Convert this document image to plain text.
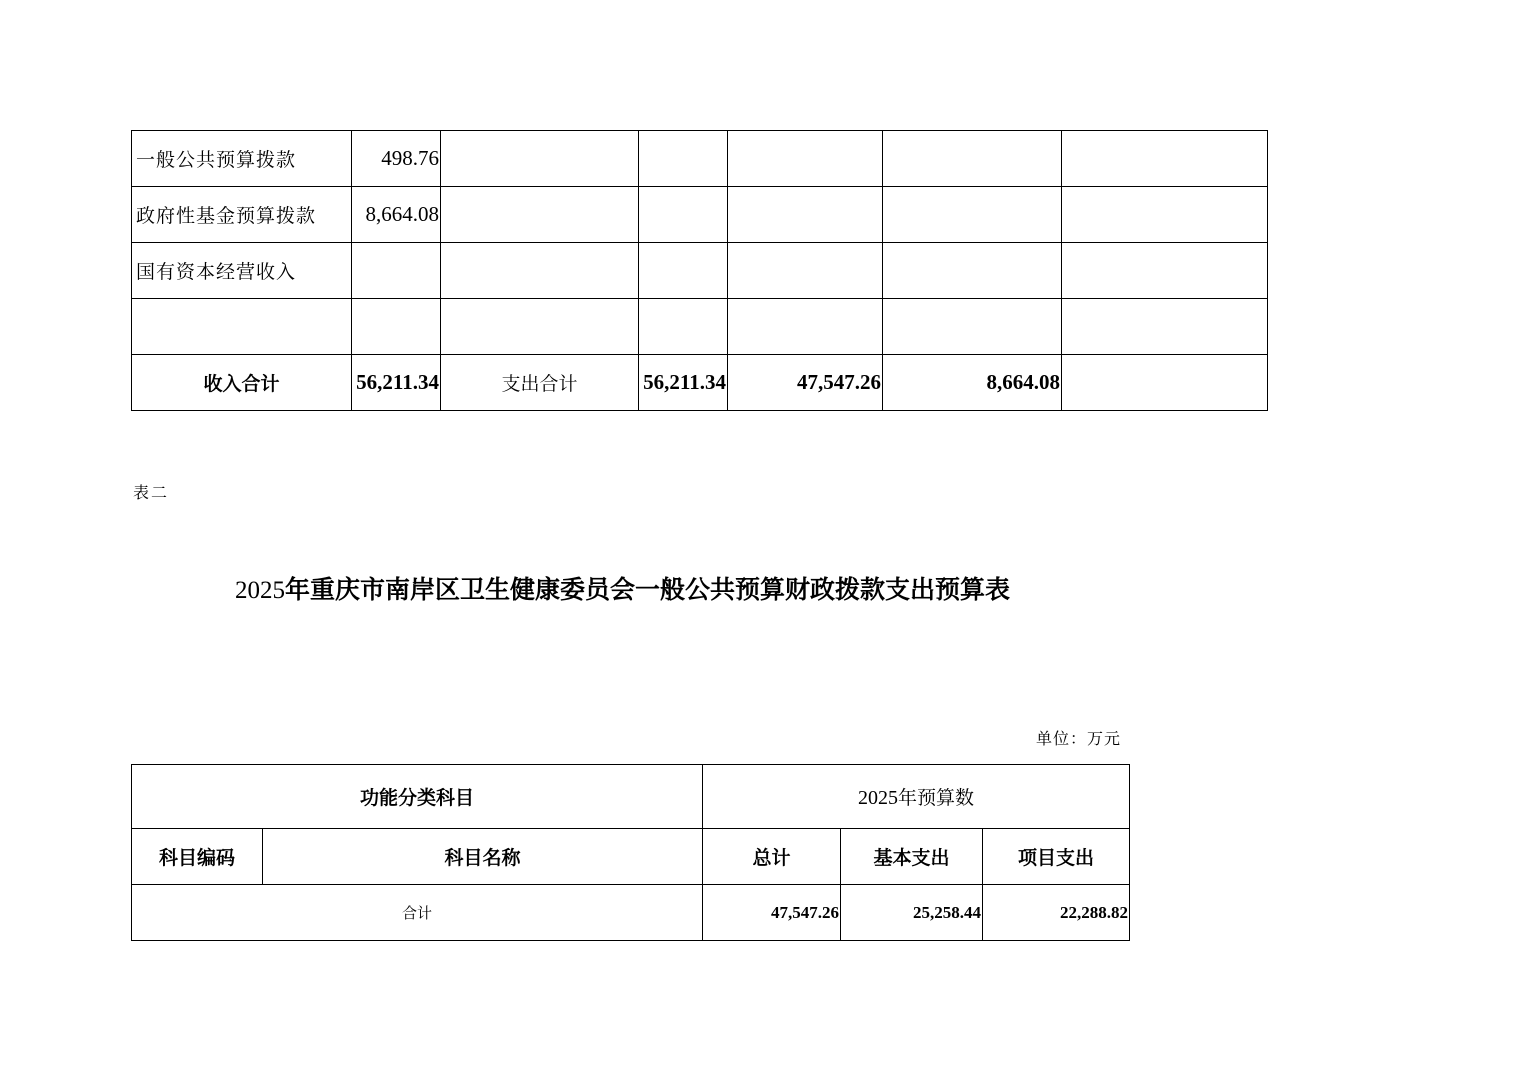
一般公共预算拨款	498.76					
政府性基金预算拨款	8,664.08					
国有资本经营收入						

收入合计	56,211.34	支出合计	56,211.34	47,547.26	8,664.08	
表二
2025年重庆市南岸区卫生健康委员会一般公共预算财政拨款支出预算表
单位：万元
功能分类科目		2025年预算数		
科目编码	科目名称	总计	基本支出	项目支出
合计		47,547.26	25,258.44	22,288.82
